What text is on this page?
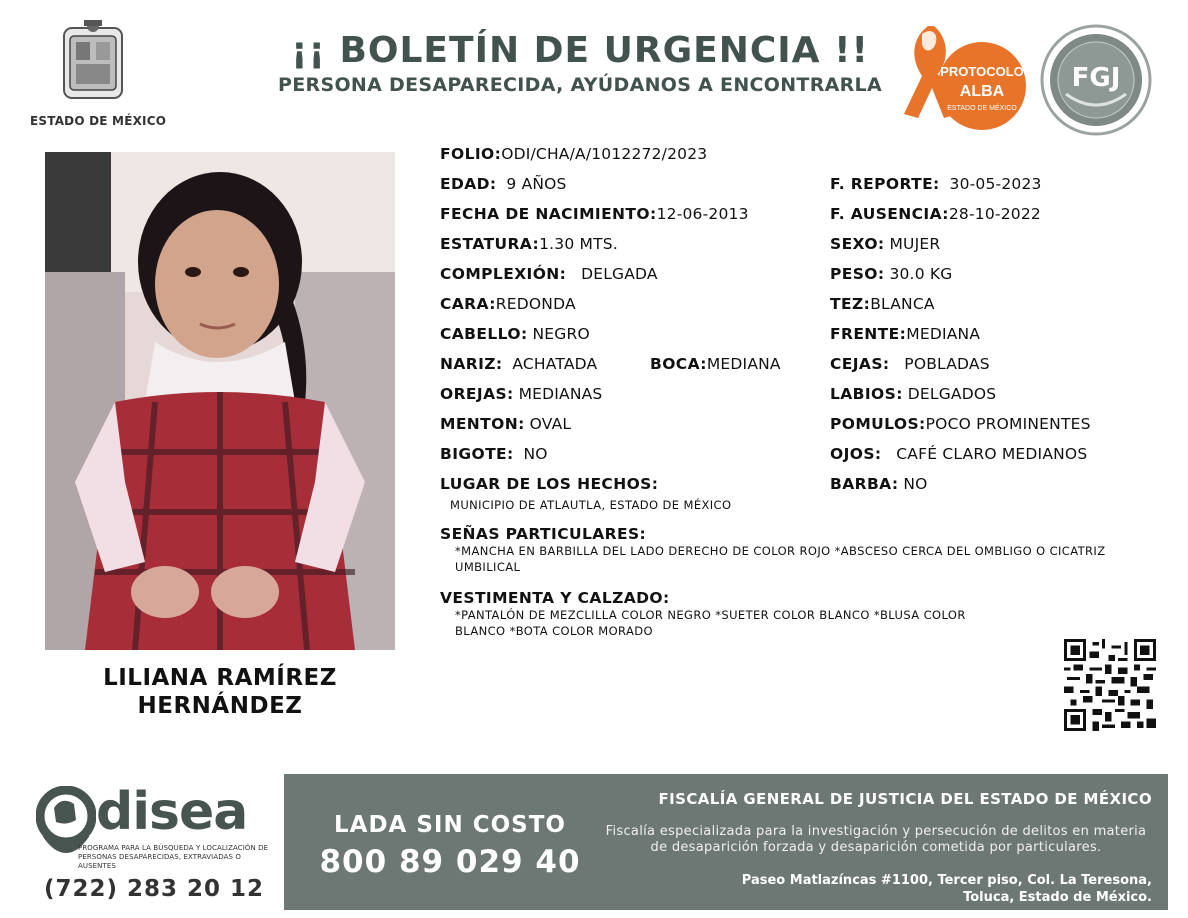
ESTADO DE MÉXICO
¡¡ BOLETÍN DE URGENCIA !!
PERSONA DESAPARECIDA, AYÚDANOS A ENCONTRARLA
PROTOCOLO
ALBA
ESTADO DE MÉXICO
FGJ
LILIANA RAMÍREZ
HERNÁNDEZ
FOLIO:ODI/CHA/A/1012272/2023
EDAD: 9 AÑOS
FECHA DE NACIMIENTO:12-06-2013
ESTATURA:1.30 MTS.
COMPLEXIÓN: DELGADA
CARA:REDONDA
CABELLO: NEGRO
NARIZ: ACHATADA	BOCA:MEDIANA
OREJAS: MEDIANAS
MENTON: OVAL
BIGOTE: NO
LUGAR DE LOS HECHOS:
MUNICIPIO DE ATLAUTLA, ESTADO DE MÉXICO
F. REPORTE: 30-05-2023
F. AUSENCIA:28-10-2022
SEXO: MUJER
PESO: 30.0 KG
TEZ:BLANCA
FRENTE:MEDIANA
CEJAS: POBLADAS
LABIOS: DELGADOS
POMULOS:POCO PROMINENTES
OJOS: CAFÉ CLARO MEDIANOS
BARBA: NO
SEÑAS PARTICULARES:
*MANCHA EN BARBILLA DEL LADO DERECHO DE COLOR ROJO *ABSCESO CERCA DEL OMBLIGO O CICATRIZ UMBILICAL
VESTIMENTA Y CALZADO:
*PANTALÓN DE MEZCLILLA COLOR NEGRO *SUETER COLOR BLANCO *BLUSA COLOR BLANCO *BOTA COLOR MORADO
disea
PROGRAMA PARA LA BÚSQUEDA Y LOCALIZACIÓN DE PERSONAS DESAPARECIDAS, EXTRAVIADAS O AUSENTES
(722) 283 20 12
LADA SIN COSTO
800 89 029 40
FISCALÍA GENERAL DE JUSTICIA DEL ESTADO DE MÉXICO
Fiscalía especializada para la investigación y persecución de delitos en materia de desaparición forzada y desaparición cometida por particulares.
Paseo Matlazíncas #1100, Tercer piso, Col. La Teresona,
Toluca, Estado de México.
